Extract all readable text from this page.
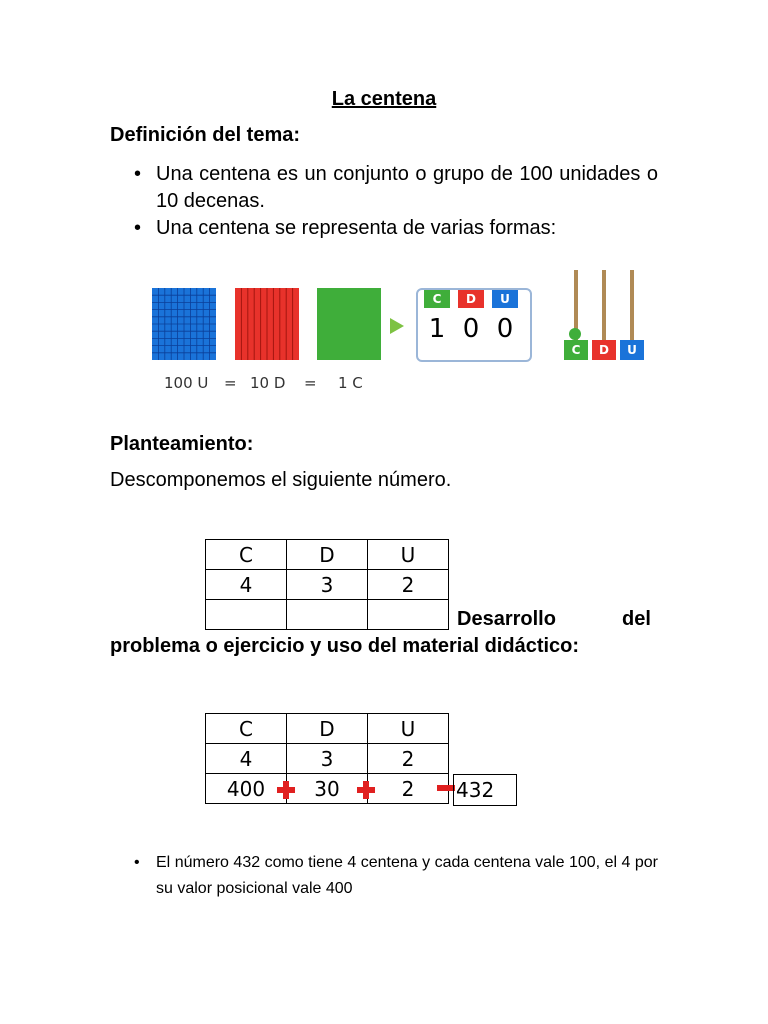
La centena
Definición del tema:
• Una centena es un conjunto o grupo de 100 unidades o 10 decenas.
• Una centena se representa de varias formas:
100 U = 10 D = 1 C
C	D	U
1 0 0
C	D	U
Planteamiento:
Descomponemos el siguiente número.
C	D	U
4	3	2

Desarrollo	del
problema o ejercicio y uso del material didáctico:
C	D	U
4	3	2
400	30	2 432
• El número 432 como tiene 4 centena y cada centena vale 100, el 4 por su valor posicional vale 400
